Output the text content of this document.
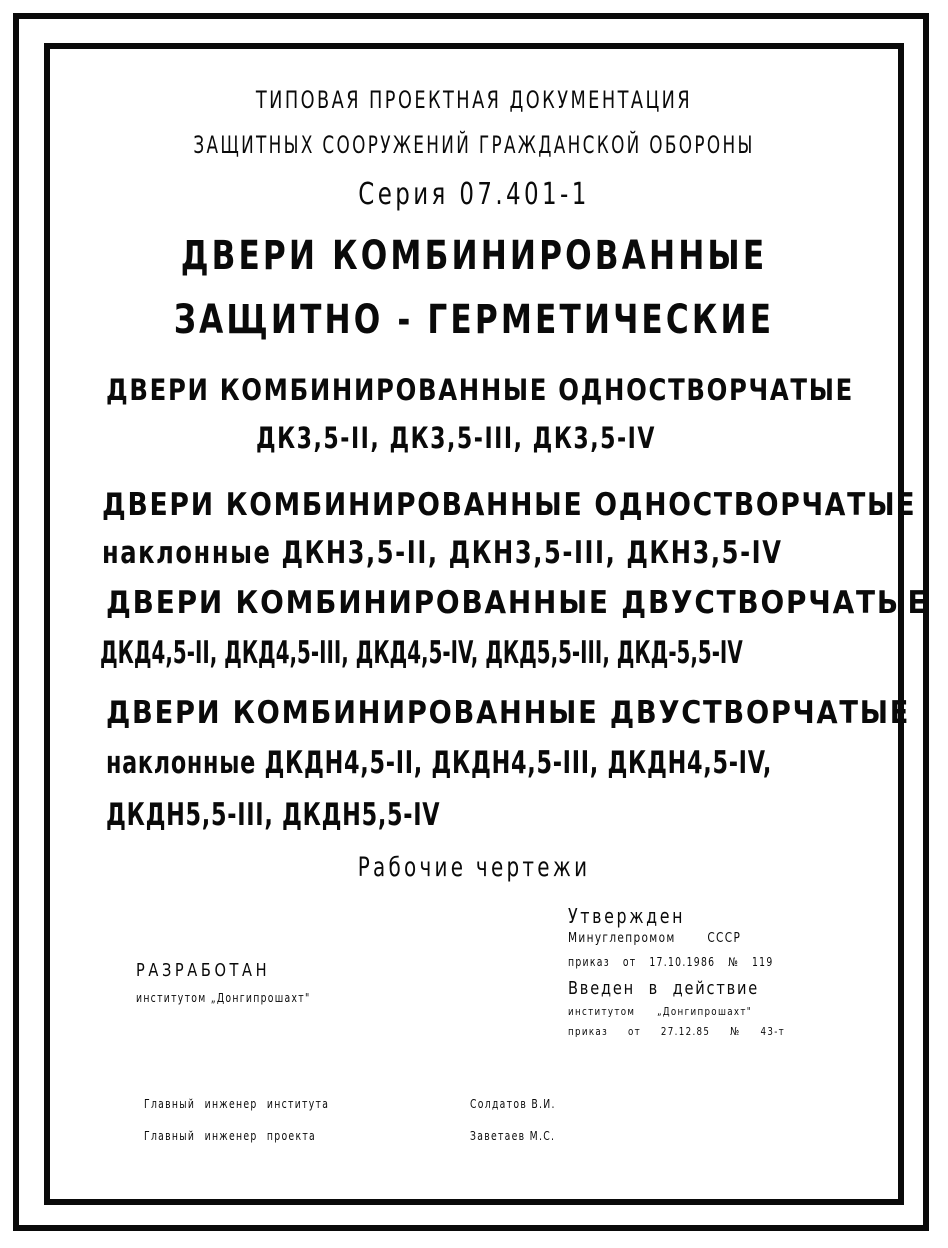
ТИПОВАЯ ПРОЕКТНАЯ ДОКУМЕНТАЦИЯ
ЗАЩИТНЫХ СООРУЖЕНИЙ ГРАЖДАНСКОЙ ОБОРОНЫ
Серия 07.401-1
ДВЕРИ КОМБИНИРОВАННЫЕ
ЗАЩИТНО - ГЕРМЕТИЧЕСКИЕ
ДВЕРИ КОМБИНИРОВАННЫЕ ОДНОСТВОРЧАТЫЕ
ДК3,5-II, ДК3,5-III, ДК3,5-IV
ДВЕРИ КОМБИНИРОВАННЫЕ ОДНОСТВОРЧАТЫЕ
наклонные ДКН3,5-II, ДКН3,5-III, ДКН3,5-IV
ДВЕРИ КОМБИНИРОВАННЫЕ ДВУСТВОРЧАТЫЕ
ДКД4,5-II, ДКД4,5-III, ДКД4,5-IV, ДКД5,5-III, ДКД-5,5-IV
ДВЕРИ КОМБИНИРОВАННЫЕ ДВУСТВОРЧАТЫЕ
наклонные ДКДН4,5-II, ДКДН4,5-III, ДКДН4,5-IV,
ДКДН5,5-III, ДКДН5,5-IV
Рабочие чертежи
РАЗРАБОТАН
институтом „Донгипрошахт"
Утвержден
Минуглепромом СССР
приказ от 17.10.1986 № 119
Введен в действие
институтом „Донгипрошахт"
приказ от 27.12.85 № 43-т
Главный инженер института	Солдатов В.И.
Главный инженер проекта	Заветаев М.С.
